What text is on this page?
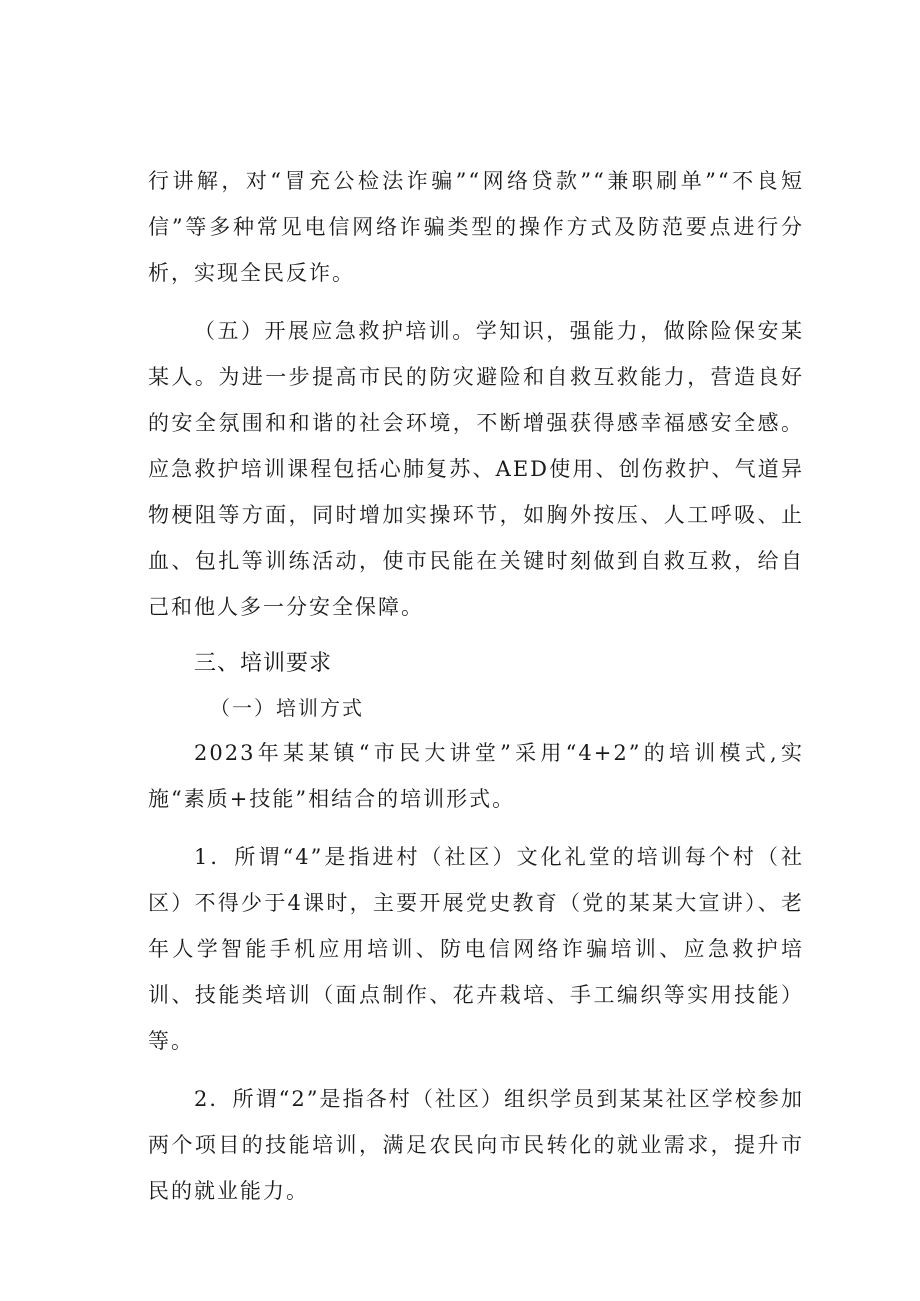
行讲解，对“冒充公检法诈骗”“网络贷款”“兼职刷单”“不良短信”等多种常见电信网络诈骗类型的操作方式及防范要点进行分析，实现全民反诈。

（五）开展应急救护培训。学知识，强能力，做除险保安某某人。为进一步提高市民的防灾避险和自救互救能力，营造良好的安全氛围和和谐的社会环境，不断增强获得感幸福感安全感。应急救护培训课程包括心肺复苏、AED使用、创伤救护、气道异物梗阻等方面，同时增加实操环节，如胸外按压、人工呼吸、止血、包扎等训练活动，使市民能在关键时刻做到自救互救，给自己和他人多一分安全保障。

三、培训要求

（一）培训方式

2023年某某镇“市民大讲堂”采用“4+2”的培训模式,实施“素质+技能”相结合的培训形式。

1．所谓“4”是指进村（社区）文化礼堂的培训每个村（社区）不得少于4课时，主要开展党史教育（党的某某大宣讲）、老年人学智能手机应用培训、防电信网络诈骗培训、应急救护培训、技能类培训（面点制作、花卉栽培、手工编织等实用技能）等。

2．所谓“2”是指各村（社区）组织学员到某某社区学校参加两个项目的技能培训，满足农民向市民转化的就业需求，提升市民的就业能力。
